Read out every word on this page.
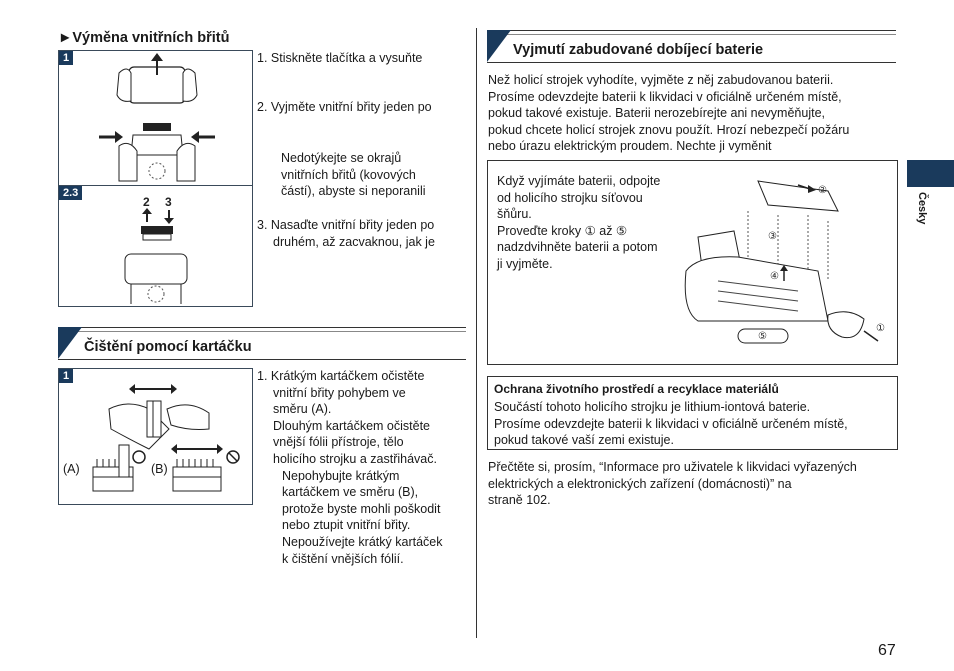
►Výměna vnitřních břitů
1
2 3
2.3
1. Stiskněte tlačítka a vysuňte
2. Vyjměte vnitřní břity jeden po
Nedotýkejte se okrajů
vnitřních břitů (kovových
částí), abyste si neporanili
3. Nasaďte vnitřní břity jeden po
druhém, až zacvaknou, jak je
Čištění pomocí kartáčku
1
(A)	(B)
1. Krátkým kartáčkem očistěte
vnitřní břity pohybem ve
směru (A).
Dlouhým kartáčkem očistěte
vnější fólii přístroje, tělo
holicího strojku a zastřihávač.
Nepohybujte krátkým
kartáčkem ve směru (B),
protože byste mohli poškodit
nebo ztupit vnitřní břity.
Nepoužívejte krátký kartáček
k čištění vnějších fólií.
Vyjmutí zabudované dobíjecí baterie
Než holicí strojek vyhodíte, vyjměte z něj zabudovanou baterii.
Prosíme odevzdejte baterii k likvidaci v oficiálně určeném místě,
pokud takové existuje. Baterii nerozebírejte ani nevyměňujte,
pokud chcete holicí strojek znovu použít. Hrozí nebezpečí požáru
nebo úrazu elektrickým proudem. Nechte ji vyměnit
Když vyjímáte baterii, odpojte
od holicího strojku síťovou
šňůru.
Proveďte kroky ① až ⑤
nadzdvihněte baterii a potom
ji vyjměte.
②
③
④
①
⑤
Ochrana životního prostředí a recyklace materiálů
Součástí tohoto holicího strojku je lithium-iontová baterie.
Prosíme odevzdejte baterii k likvidaci v oficiálně určeném místě,
pokud takové vaší zemi existuje.
Přečtěte si, prosím, “Informace pro uživatele k likvidaci vyřazených
elektrických a elektronických zařízení (domácnosti)” na
straně 102.
Česky
67
